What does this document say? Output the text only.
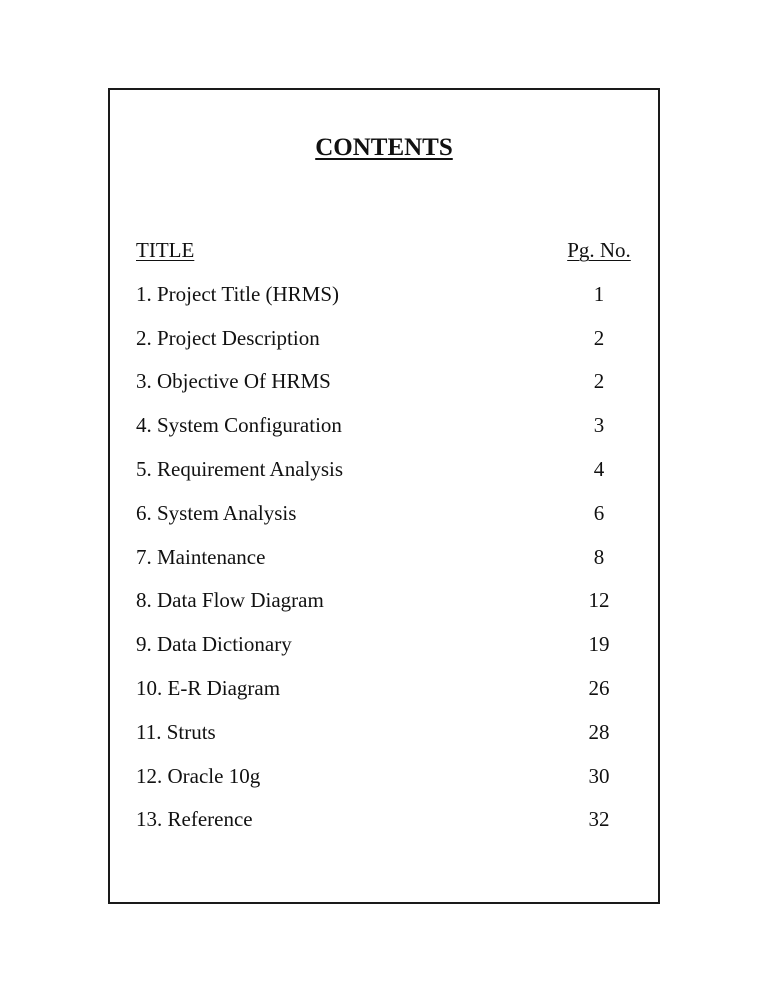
CONTENTS
TITLE	Pg. No.
1. Project Title (HRMS)	1
2. Project Description	2
3. Objective Of HRMS	2
4. System Configuration	3
5. Requirement Analysis	4
6. System Analysis	6
7. Maintenance	8
8. Data Flow Diagram	12
9. Data Dictionary	19
10. E-R Diagram	26
11. Struts	28
12. Oracle 10g	30
13. Reference	32
